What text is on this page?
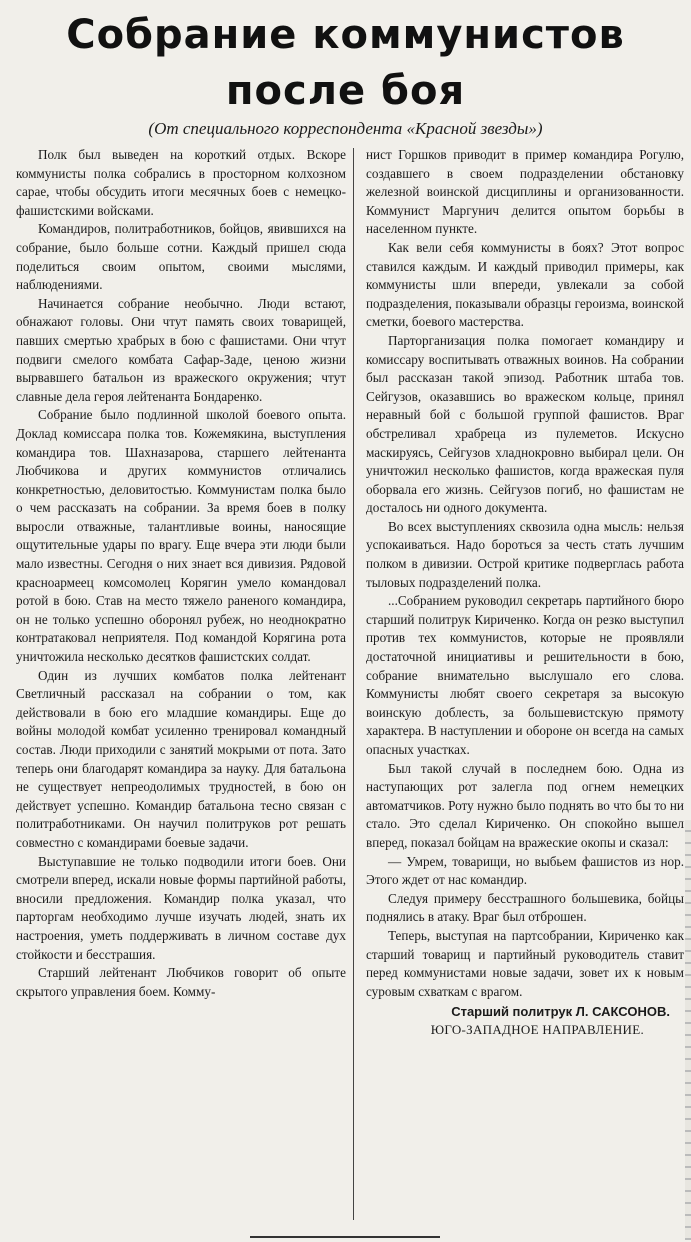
Собрание коммунистов
после боя
(От специального корреспондента «Красной звезды»)

Полк был выведен на короткий отдых. Вскоре коммунисты полка собрались в просторном колхозном сарае, чтобы обсудить итоги месячных боев с немецко-фашистскими войсками.

Командиров, политработников, бойцов, явившихся на собрание, было больше сотни. Каждый пришел сюда поделиться своим опытом, своими мыслями, наблюдениями.

Начинается собрание необычно. Люди встают, обнажают головы. Они чтут память своих товарищей, павших смертью храбрых в бою с фашистами. Они чтут подвиги смелого комбата Сафар-Заде, ценою жизни вырвавшего батальон из вражеского окружения; чтут славные дела героя лейтенанта Бондаренко.

Собрание было подлинной школой боевого опыта. Доклад комиссара полка тов. Кожемякина, выступления командира тов. Шахназарова, старшего лейтенанта Любчикова и других коммунистов отличались конкретностью, деловитостью. Коммунистам полка было о чем рассказать на собрании. За время боев в полку выросли отважные, талантливые воины, наносящие ощутительные удары по врагу. Еще вчера эти люди были мало известны. Сегодня о них знает вся дивизия. Рядовой красноармеец комсомолец Корягин умело командовал ротой в бою. Став на место тяжело раненого командира, он не только успешно оборонял рубеж, но неоднократно контратаковал неприятеля. Под командой Корягина рота уничтожила несколько десятков фашистских солдат.

Один из лучших комбатов полка лейтенант Светличный рассказал на собрании о том, как действовали в бою его младшие командиры. Еще до войны молодой комбат усиленно тренировал командный состав. Люди приходили с занятий мокрыми от пота. Зато теперь они благодарят командира за науку. Для батальона не существует непреодолимых трудностей, в бою он действует успешно. Командир батальона тесно связан с политработниками. Он научил политруков рот решать совместно с командирами боевые задачи.

Выступавшие не только подводили итоги боев. Они смотрели вперед, искали новые формы партийной работы, вносили предложения. Командир полка указал, что парторгам необходимо лучше изучать людей, знать их настроения, уметь поддерживать в личном составе дух стойкости и бесстрашия.

Старший лейтенант Любчиков говорит об опыте скрытого управления боем. Комму-

нист Горшков приводит в пример командира Рогулю, создавшего в своем подразделении обстановку железной воинской дисциплины и организованности. Коммунист Маргунич делится опытом борьбы в населенном пункте.

Как вели себя коммунисты в боях? Этот вопрос ставился каждым. И каждый приводил примеры, как коммунисты шли впереди, увлекали за собой подразделения, показывали образцы героизма, воинской сметки, боевого мастерства.

Парторганизация полка помогает командиру и комиссару воспитывать отважных воинов. На собрании был рассказан такой эпизод. Работник штаба тов. Сейгузов, оказавшись во вражеском кольце, принял неравный бой с большой группой фашистов. Враг обстреливал храбреца из пулеметов. Искусно маскируясь, Сейгузов хладнокровно выбирал цели. Он уничтожил несколько фашистов, когда вражеская пуля оборвала его жизнь. Сейгузов погиб, но фашистам не досталось ни одного документа.

Во всех выступлениях сквозила одна мысль: нельзя успокаиваться. Надо бороться за честь стать лучшим полком в дивизии. Острой критике подверглась работа тыловых подразделений полка.

...Собранием руководил секретарь партийного бюро старший политрук Кириченко. Когда он резко выступил против тех коммунистов, которые не проявляли достаточной инициативы и решительности в бою, собрание внимательно выслушало его слова. Коммунисты любят своего секретаря за высокую воинскую доблесть, за большевистскую прямоту характера. В наступлении и обороне он всегда на самых опасных участках.

Был такой случай в последнем бою. Одна из наступающих рот залегла под огнем немецких автоматчиков. Роту нужно было поднять во что бы то ни стало. Это сделал Кириченко. Он спокойно вышел вперед, показал бойцам на вражеские окопы и сказал:

— Умрем, товарищи, но выбьем фашистов из нор. Этого ждет от нас командир.

Следуя примеру бесстрашного большевика, бойцы поднялись в атаку. Враг был отброшен.

Теперь, выступая на партсобрании, Кириченко как старший товарищ и партийный руководитель ставит перед коммунистами новые задачи, зовет их к новым суровым схваткам с врагом.

Старший политрук Л. САКСОНОВ.
ЮГО-ЗАПАДНОЕ НАПРАВЛЕНИЕ.
